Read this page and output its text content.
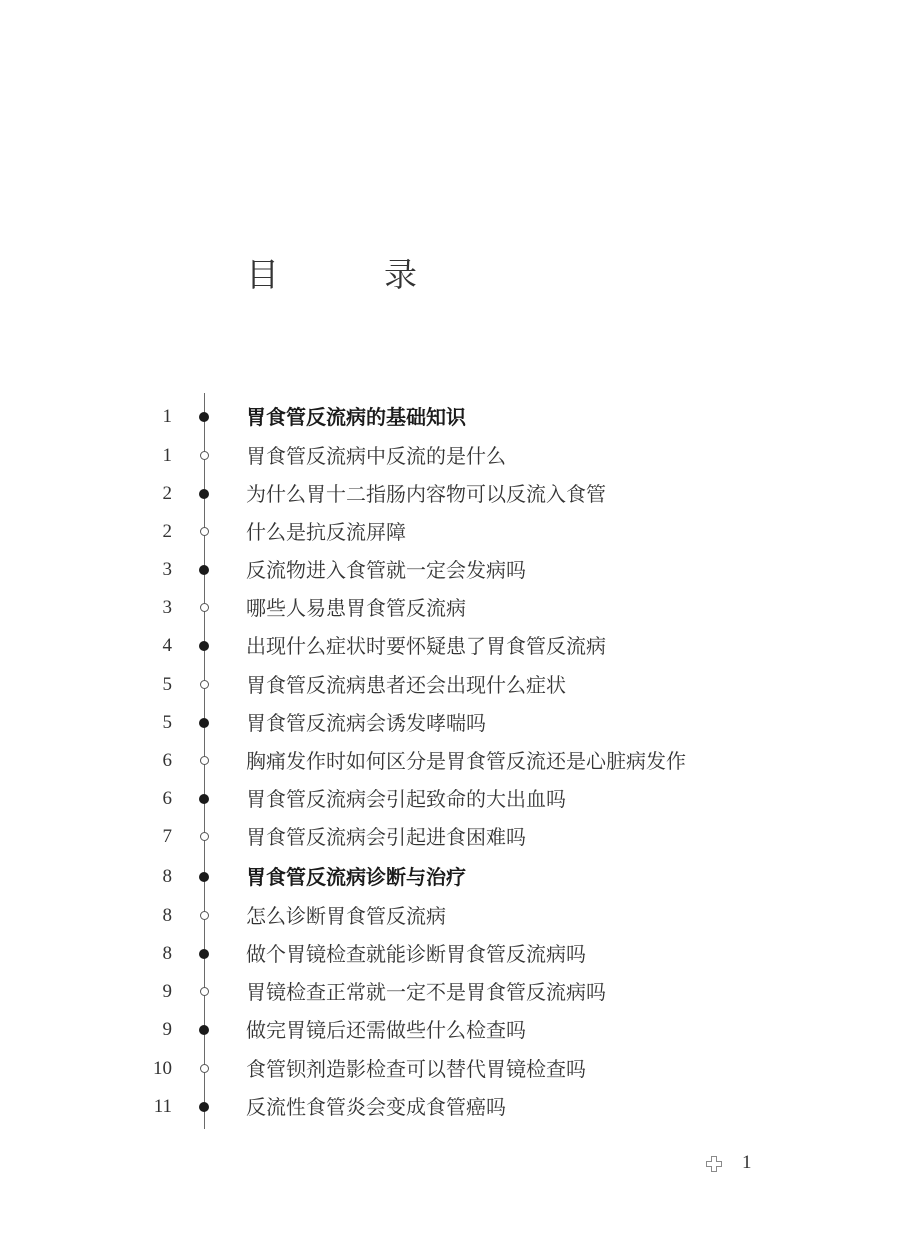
目　录
1	胃食管反流病的基础知识
1	胃食管反流病中反流的是什么
2	为什么胃十二指肠内容物可以反流入食管
2	什么是抗反流屏障
3	反流物进入食管就一定会发病吗
3	哪些人易患胃食管反流病
4	出现什么症状时要怀疑患了胃食管反流病
5	胃食管反流病患者还会出现什么症状
5	胃食管反流病会诱发哮喘吗
6	胸痛发作时如何区分是胃食管反流还是心脏病发作
6	胃食管反流病会引起致命的大出血吗
7	胃食管反流病会引起进食困难吗
8	胃食管反流病诊断与治疗
8	怎么诊断胃食管反流病
8	做个胃镜检查就能诊断胃食管反流病吗
9	胃镜检查正常就一定不是胃食管反流病吗
9	做完胃镜后还需做些什么检查吗
10	食管钡剂造影检查可以替代胃镜检查吗
11	反流性食管炎会变成食管癌吗
1
